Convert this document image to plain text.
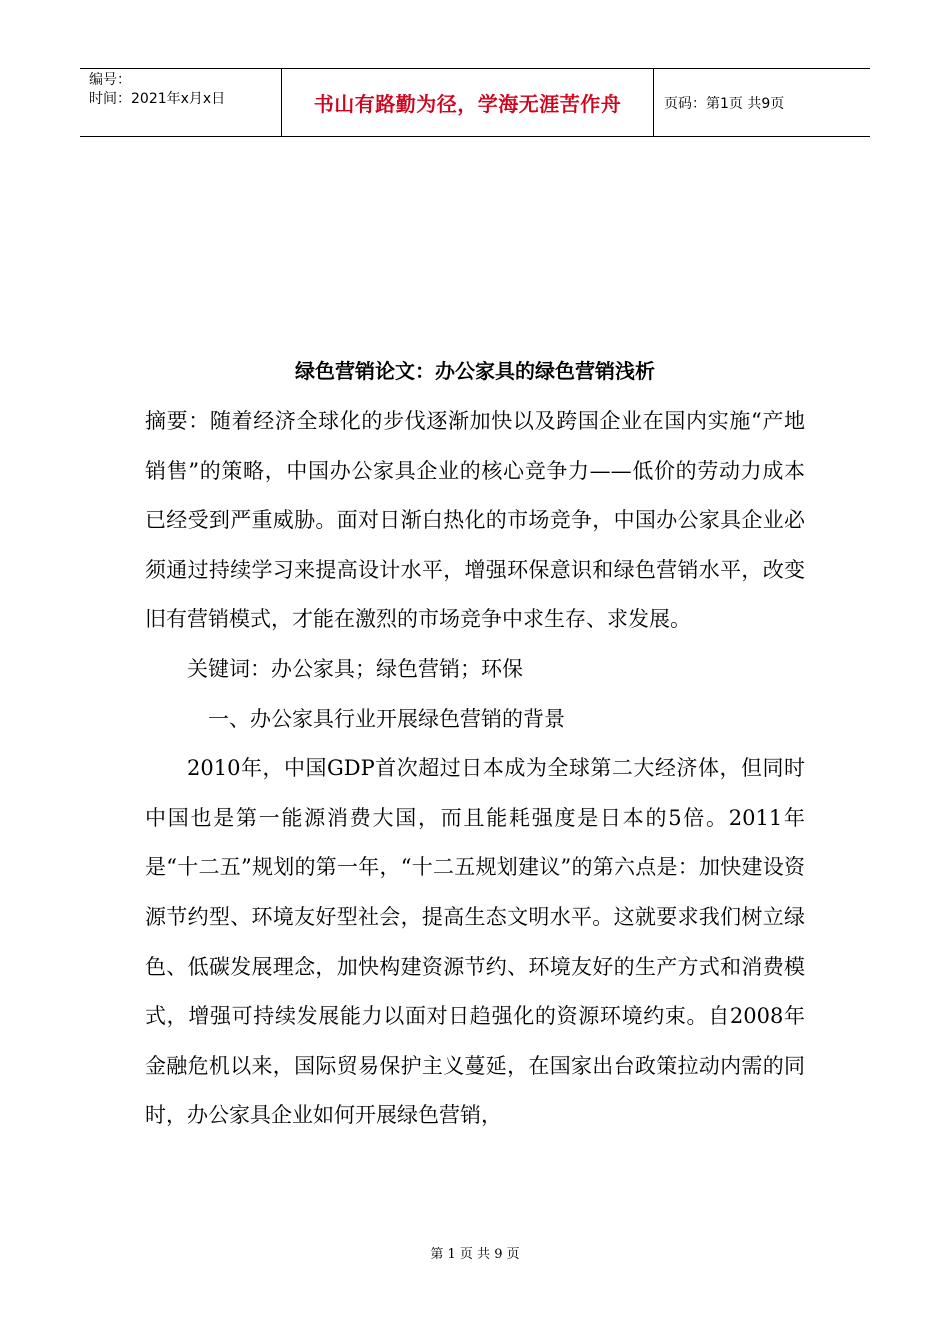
编号：
时间：2021年x月x日	书山有路勤为径，学海无涯苦作舟	页码：第1页 共9页
绿色营销论文：办公家具的绿色营销浅析

摘要：随着经济全球化的步伐逐渐加快以及跨国企业在国内实施“产地销售”的策略，中国办公家具企业的核心竞争力——低价的劳动力成本已经受到严重威胁。面对日渐白热化的市场竞争，中国办公家具企业必须通过持续学习来提高设计水平，增强环保意识和绿色营销水平，改变旧有营销模式，才能在激烈的市场竞争中求生存、求发展。

关键词：办公家具；绿色营销；环保

一、办公家具行业开展绿色营销的背景

2010年，中国GDP首次超过日本成为全球第二大经济体，但同时中国也是第一能源消费大国，而且能耗强度是日本的5倍。2011年是“十二五”规划的第一年，“十二五规划建议”的第六点是：加快建设资源节约型、环境友好型社会，提高生态文明水平。这就要求我们树立绿色、低碳发展理念，加快构建资源节约、环境友好的生产方式和消费模式，增强可持续发展能力以面对日趋强化的资源环境约束。自2008年金融危机以来，国际贸易保护主义蔓延，在国家出台政策拉动内需的同时，办公家具企业如何开展绿色营销，

第 1 页 共 9 页
